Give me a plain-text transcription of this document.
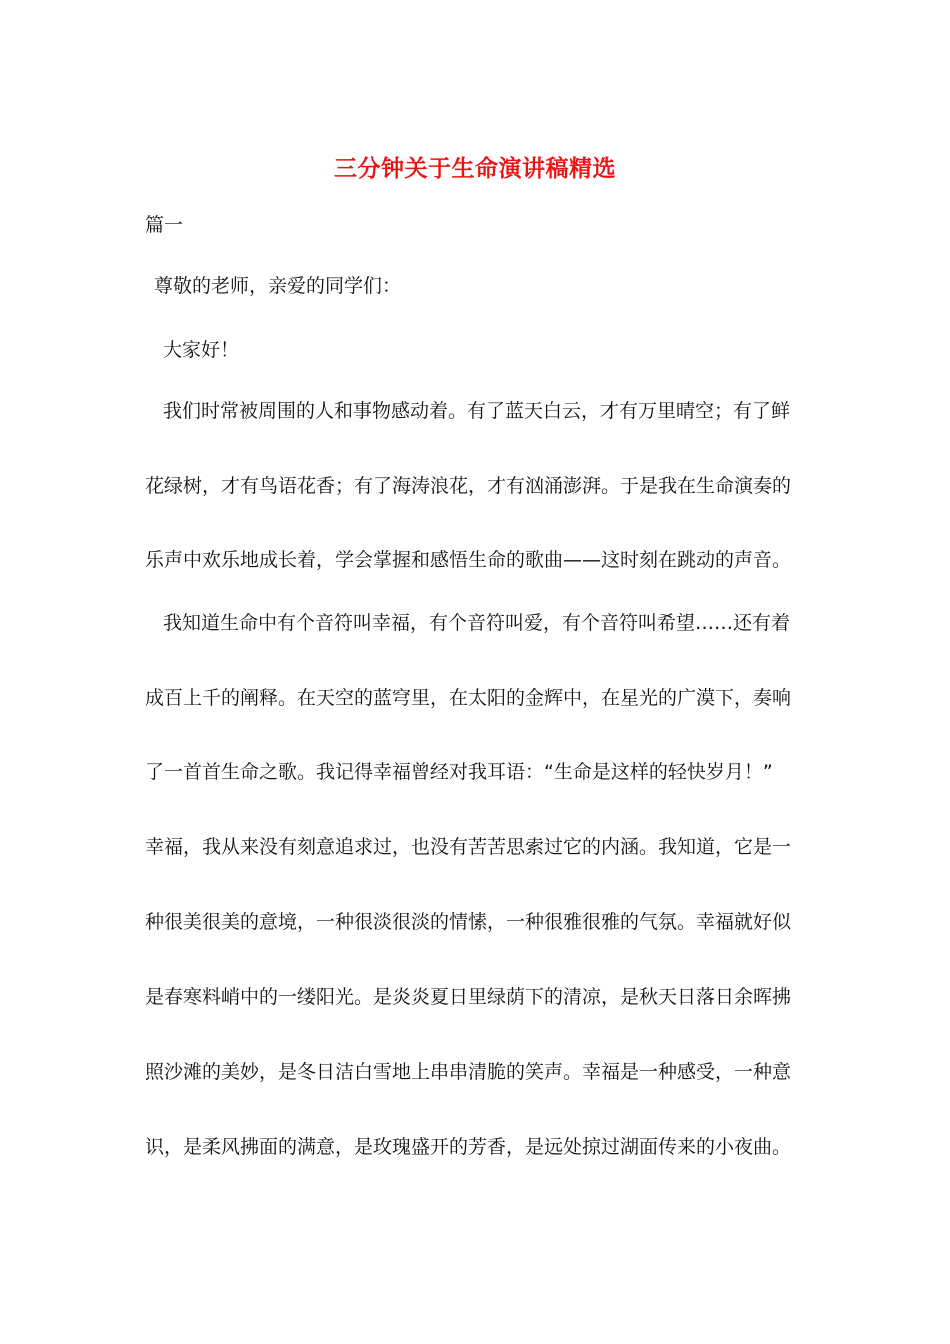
三分钟关于生命演讲稿精选
篇一
尊敬的老师，亲爱的同学们：
大家好！
我们时常被周围的人和事物感动着。有了蓝天白云，才有万里晴空；有了鲜
花绿树，才有鸟语花香；有了海涛浪花，才有汹涌澎湃。于是我在生命演奏的
乐声中欢乐地成长着，学会掌握和感悟生命的歌曲——这时刻在跳动的声音。
我知道生命中有个音符叫幸福，有个音符叫爱，有个音符叫希望……还有着
成百上千的阐释。在天空的蓝穹里，在太阳的金辉中，在星光的广漠下，奏响
了一首首生命之歌。我记得幸福曾经对我耳语：“生命是这样的轻快岁月！”
幸福，我从来没有刻意追求过，也没有苦苦思索过它的内涵。我知道，它是一
种很美很美的意境，一种很淡很淡的情愫，一种很雅很雅的气氛。幸福就好似
是春寒料峭中的一缕阳光。是炎炎夏日里绿荫下的清凉，是秋天日落日余晖拂
照沙滩的美妙，是冬日洁白雪地上串串清脆的笑声。幸福是一种感受，一种意
识，是柔风拂面的满意，是玫瑰盛开的芳香，是远处掠过湖面传来的小夜曲。
